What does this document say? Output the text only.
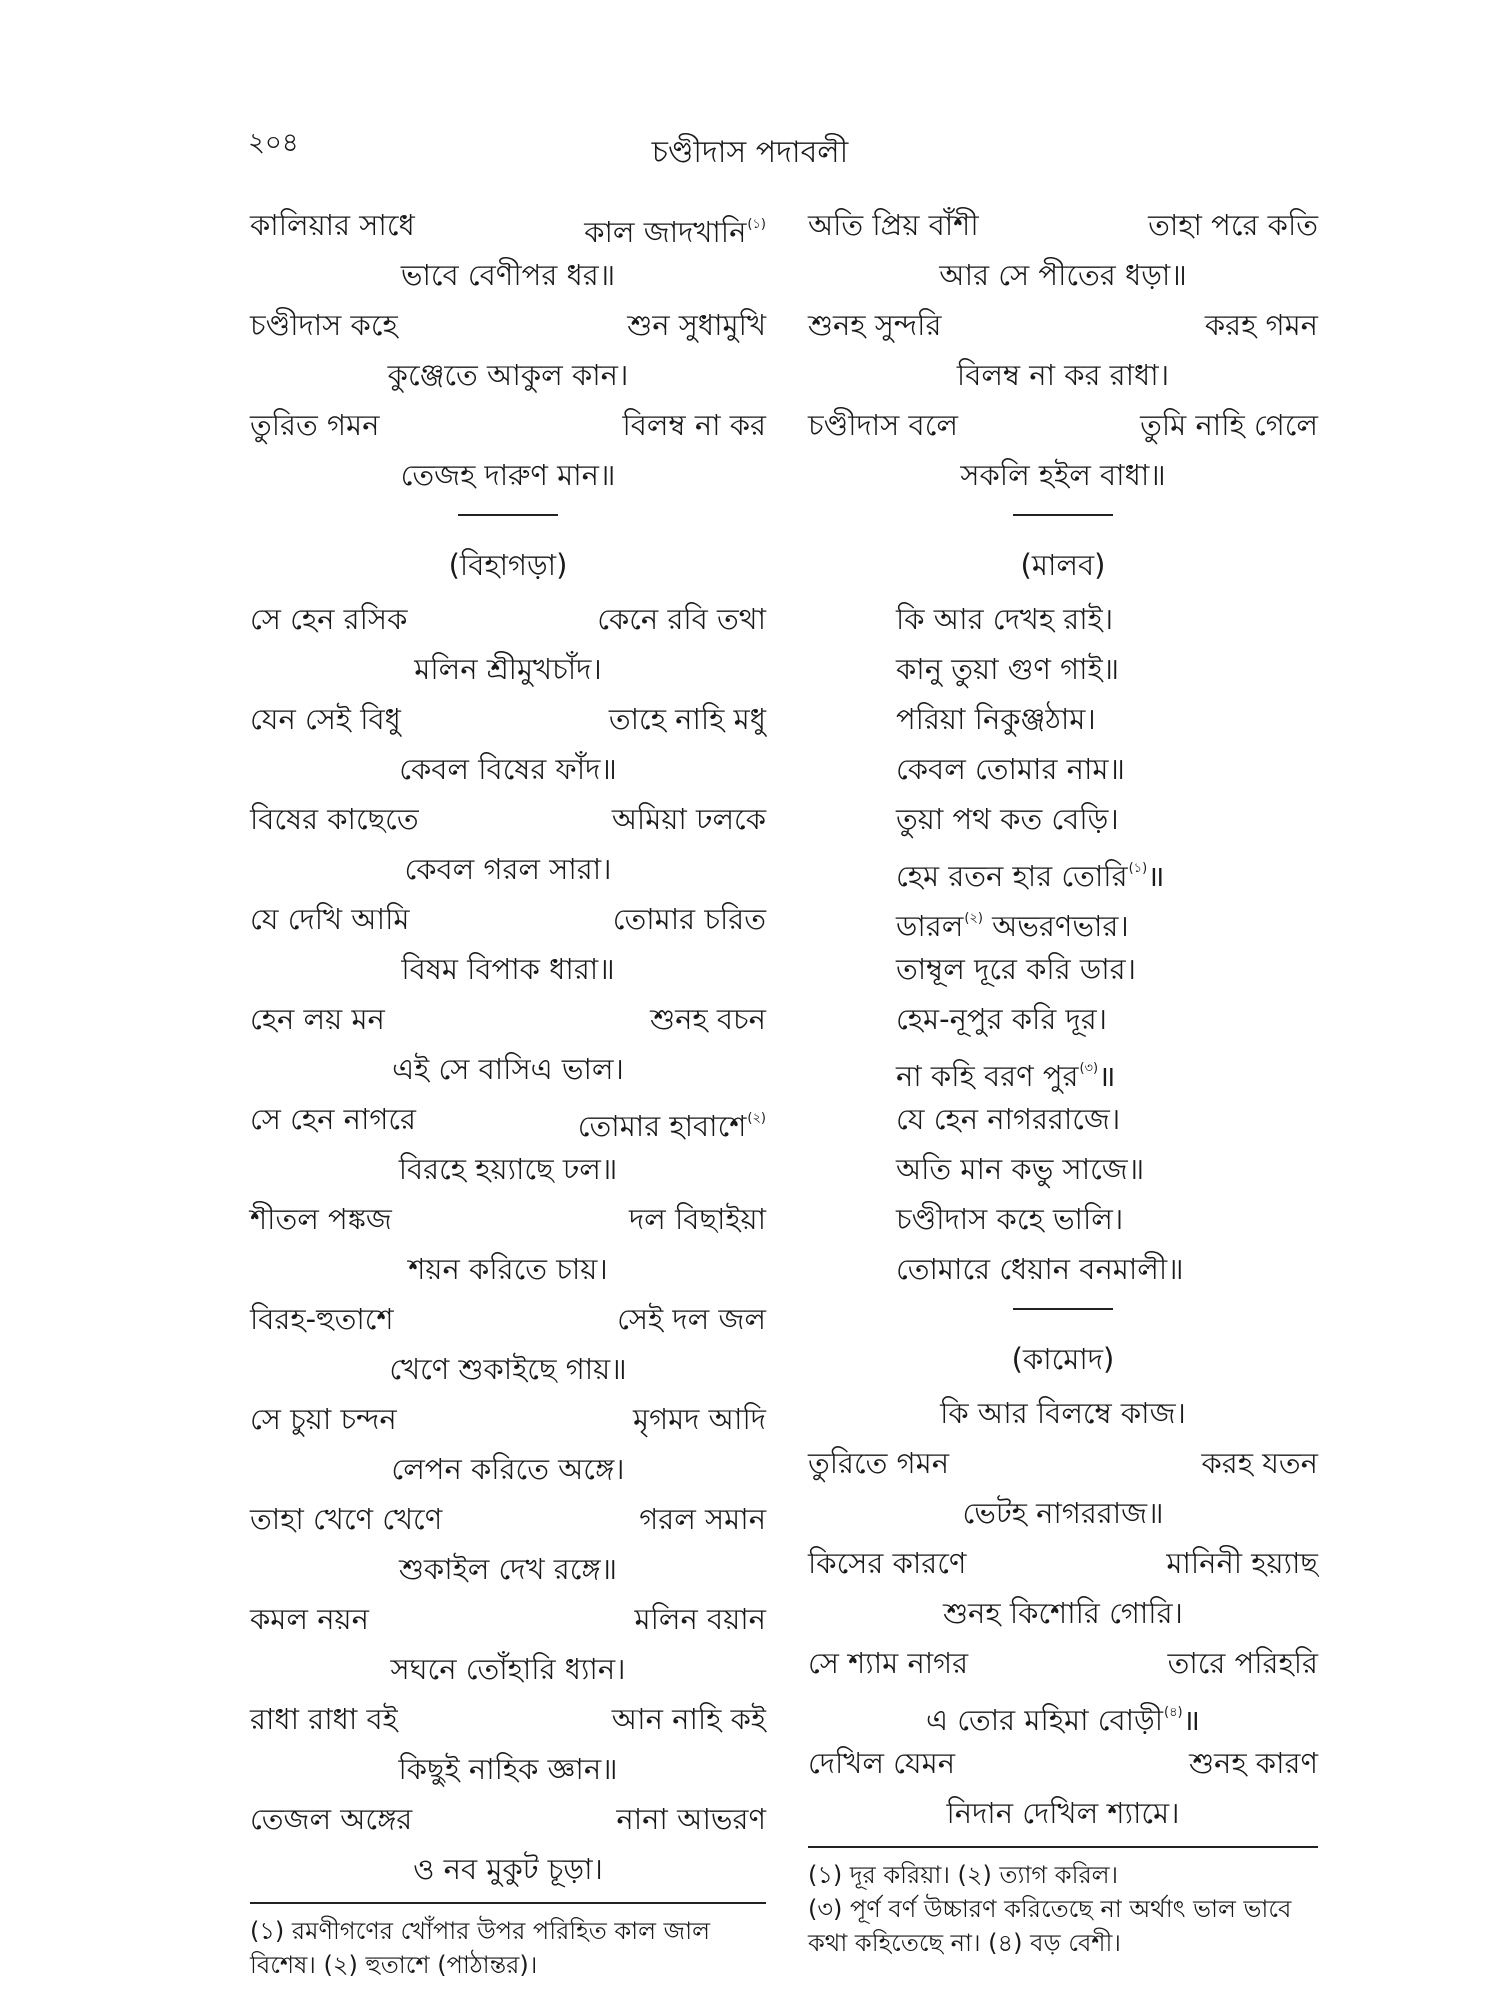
২০৪	চণ্ডীদাস পদাবলী
কালিয়ার সাধে	কাল জাদখানি$^{(১)}$
ভাবে বেণীপর ধর॥
চণ্ডীদাস কহে	শুন সুধামুখি
কুঞ্জেতে আকুল কান।
তুরিত গমন	বিলম্ব না কর
তেজহ দারুণ মান॥
(বিহাগড়া)
সে হেন রসিক	কেনে রবি তথা
মলিন শ্রীমুখচাঁদ।
যেন সেই বিধু	তাহে নাহি মধু
কেবল বিষের ফাঁদ॥
বিষের কাছেতে	অমিয়া ঢলকে
কেবল গরল সারা।
যে দেখি আমি	তোমার চরিত
বিষম বিপাক ধারা॥
হেন লয় মন	শুনহ বচন
এই সে বাসিএ ভাল।
সে হেন নাগরে	তোমার হাবাশে$^{(২)}$
বিরহে হয়্যাছে ঢল॥
শীতল পঙ্কজ	দল বিছাইয়া
শয়ন করিতে চায়।
বিরহ-হুতাশে	সেই দল জল
খেণে শুকাইছে গায়॥
সে চুয়া চন্দন	মৃগমদ আদি
লেপন করিতে অঙ্গে।
তাহা খেণে খেণে	গরল সমান
শুকাইল দেখ রঙ্গে॥
কমল নয়ন	মলিন বয়ান
সঘনে তোঁহারি ধ্যান।
রাধা রাধা বই	আন নাহি কই
কিছুই নাহিক জ্ঞান॥
তেজল অঙ্গের	নানা আভরণ
ও নব মুকুট চূড়া।
(১) রমণীগণের খোঁপার উপর পরিহিত কাল জাল বিশেষ। (২) হুতাশে (পাঠান্তর)।
অতি প্রিয় বাঁশী	তাহা পরে কতি
আর সে পীতের ধড়া॥
শুনহ সুন্দরি	করহ গমন
বিলম্ব না কর রাধা।
চণ্ডীদাস বলে	তুমি নাহি গেলে
সকলি হইল বাধা॥
(মালব)
কি আর দেখহ রাই।
কানু তুয়া গুণ গাই॥
পরিয়া নিকুঞ্জঠাম।
কেবল তোমার নাম॥
তুয়া পথ কত বেড়ি।
হেম রতন হার তোরি$^{(১)}$॥
ডারল$^{(২)}$ অভরণভার।
তাম্বূল দূরে করি ডার।
হেম-নূপুর করি দূর।
না কহি বরণ পুর$^{(৩)}$॥
যে হেন নাগররাজে।
অতি মান কভু সাজে॥
চণ্ডীদাস কহে ভালি।
তোমারে ধেয়ান বনমালী॥
(কামোদ)
কি আর বিলম্বে কাজ।
তুরিতে গমন	করহ যতন
ভেটহ নাগররাজ॥
কিসের কারণে	মানিনী হয়্যাছ
শুনহ কিশোরি গোরি।
সে শ্যাম নাগর	তারে পরিহরি
এ তোর মহিমা বোড়ী$^{(৪)}$॥
দেখিল যেমন	শুনহ কারণ
নিদান দেখিল শ্যামে।
(১) দূর করিয়া। (২) ত্যাগ করিল।
(৩) পূর্ণ বর্ণ উচ্চারণ করিতেছে না অর্থাৎ ভাল ভাবে কথা কহিতেছে না। (৪) বড় বেশী।
